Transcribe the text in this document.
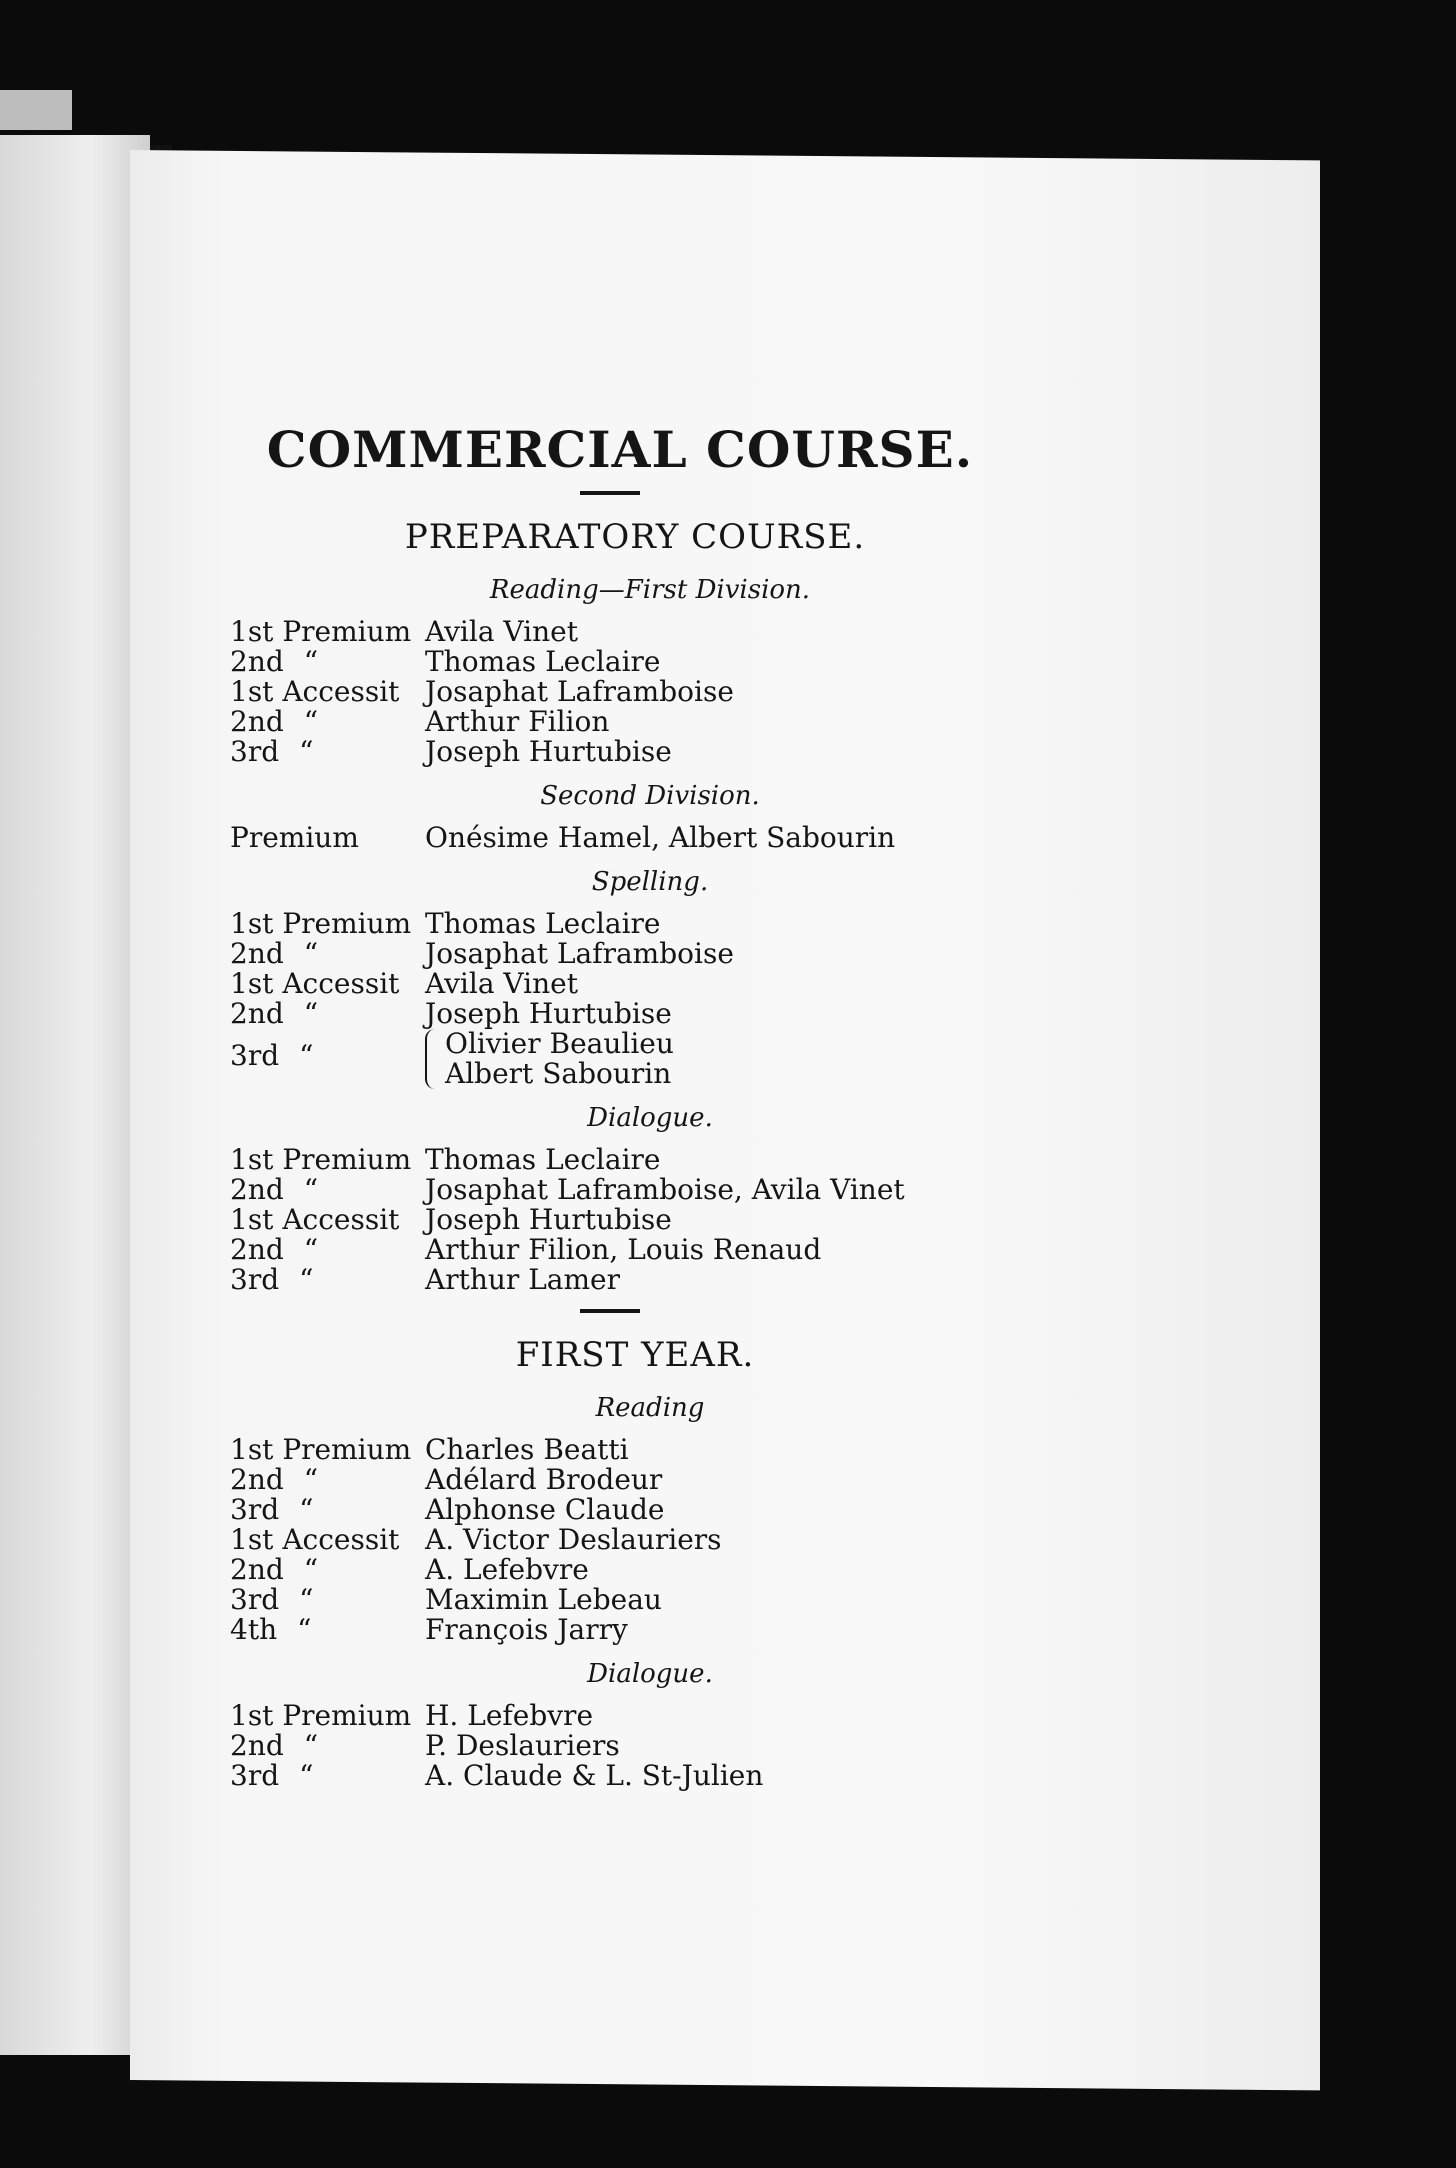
COMMERCIAL COURSE.
PREPARATORY COURSE.
Reading—First Division.
1st Premium Avila Vinet
2nd “	Thomas Leclaire
1st Accessit Josaphat Laframboise
2nd “	Arthur Filion
3rd “	Joseph Hurtubise
Second Division.
Premium	Onésime Hamel, Albert Sabourin
Spelling.
1st Premium Thomas Leclaire
2nd “	Josaphat Laframboise
1st Accessit Avila Vinet
2nd “	Joseph Hurtubise
3rd “	Olivier Beaulieu
Albert Sabourin
Dialogue.
1st Premium Thomas Leclaire
2nd “	Josaphat Laframboise, Avila Vinet
1st Accessit Joseph Hurtubise
2nd “	Arthur Filion, Louis Renaud
3rd “	Arthur Lamer
FIRST YEAR.
Reading
1st Premium Charles Beatti
2nd “	Adélard Brodeur
3rd “	Alphonse Claude
1st Accessit A. Victor Deslauriers
2nd “	A. Lefebvre
3rd “	Maximin Lebeau
4th “	François Jarry
Dialogue.
1st Premium H. Lefebvre
2nd “	P. Deslauriers
3rd “	A. Claude & L. St-Julien
